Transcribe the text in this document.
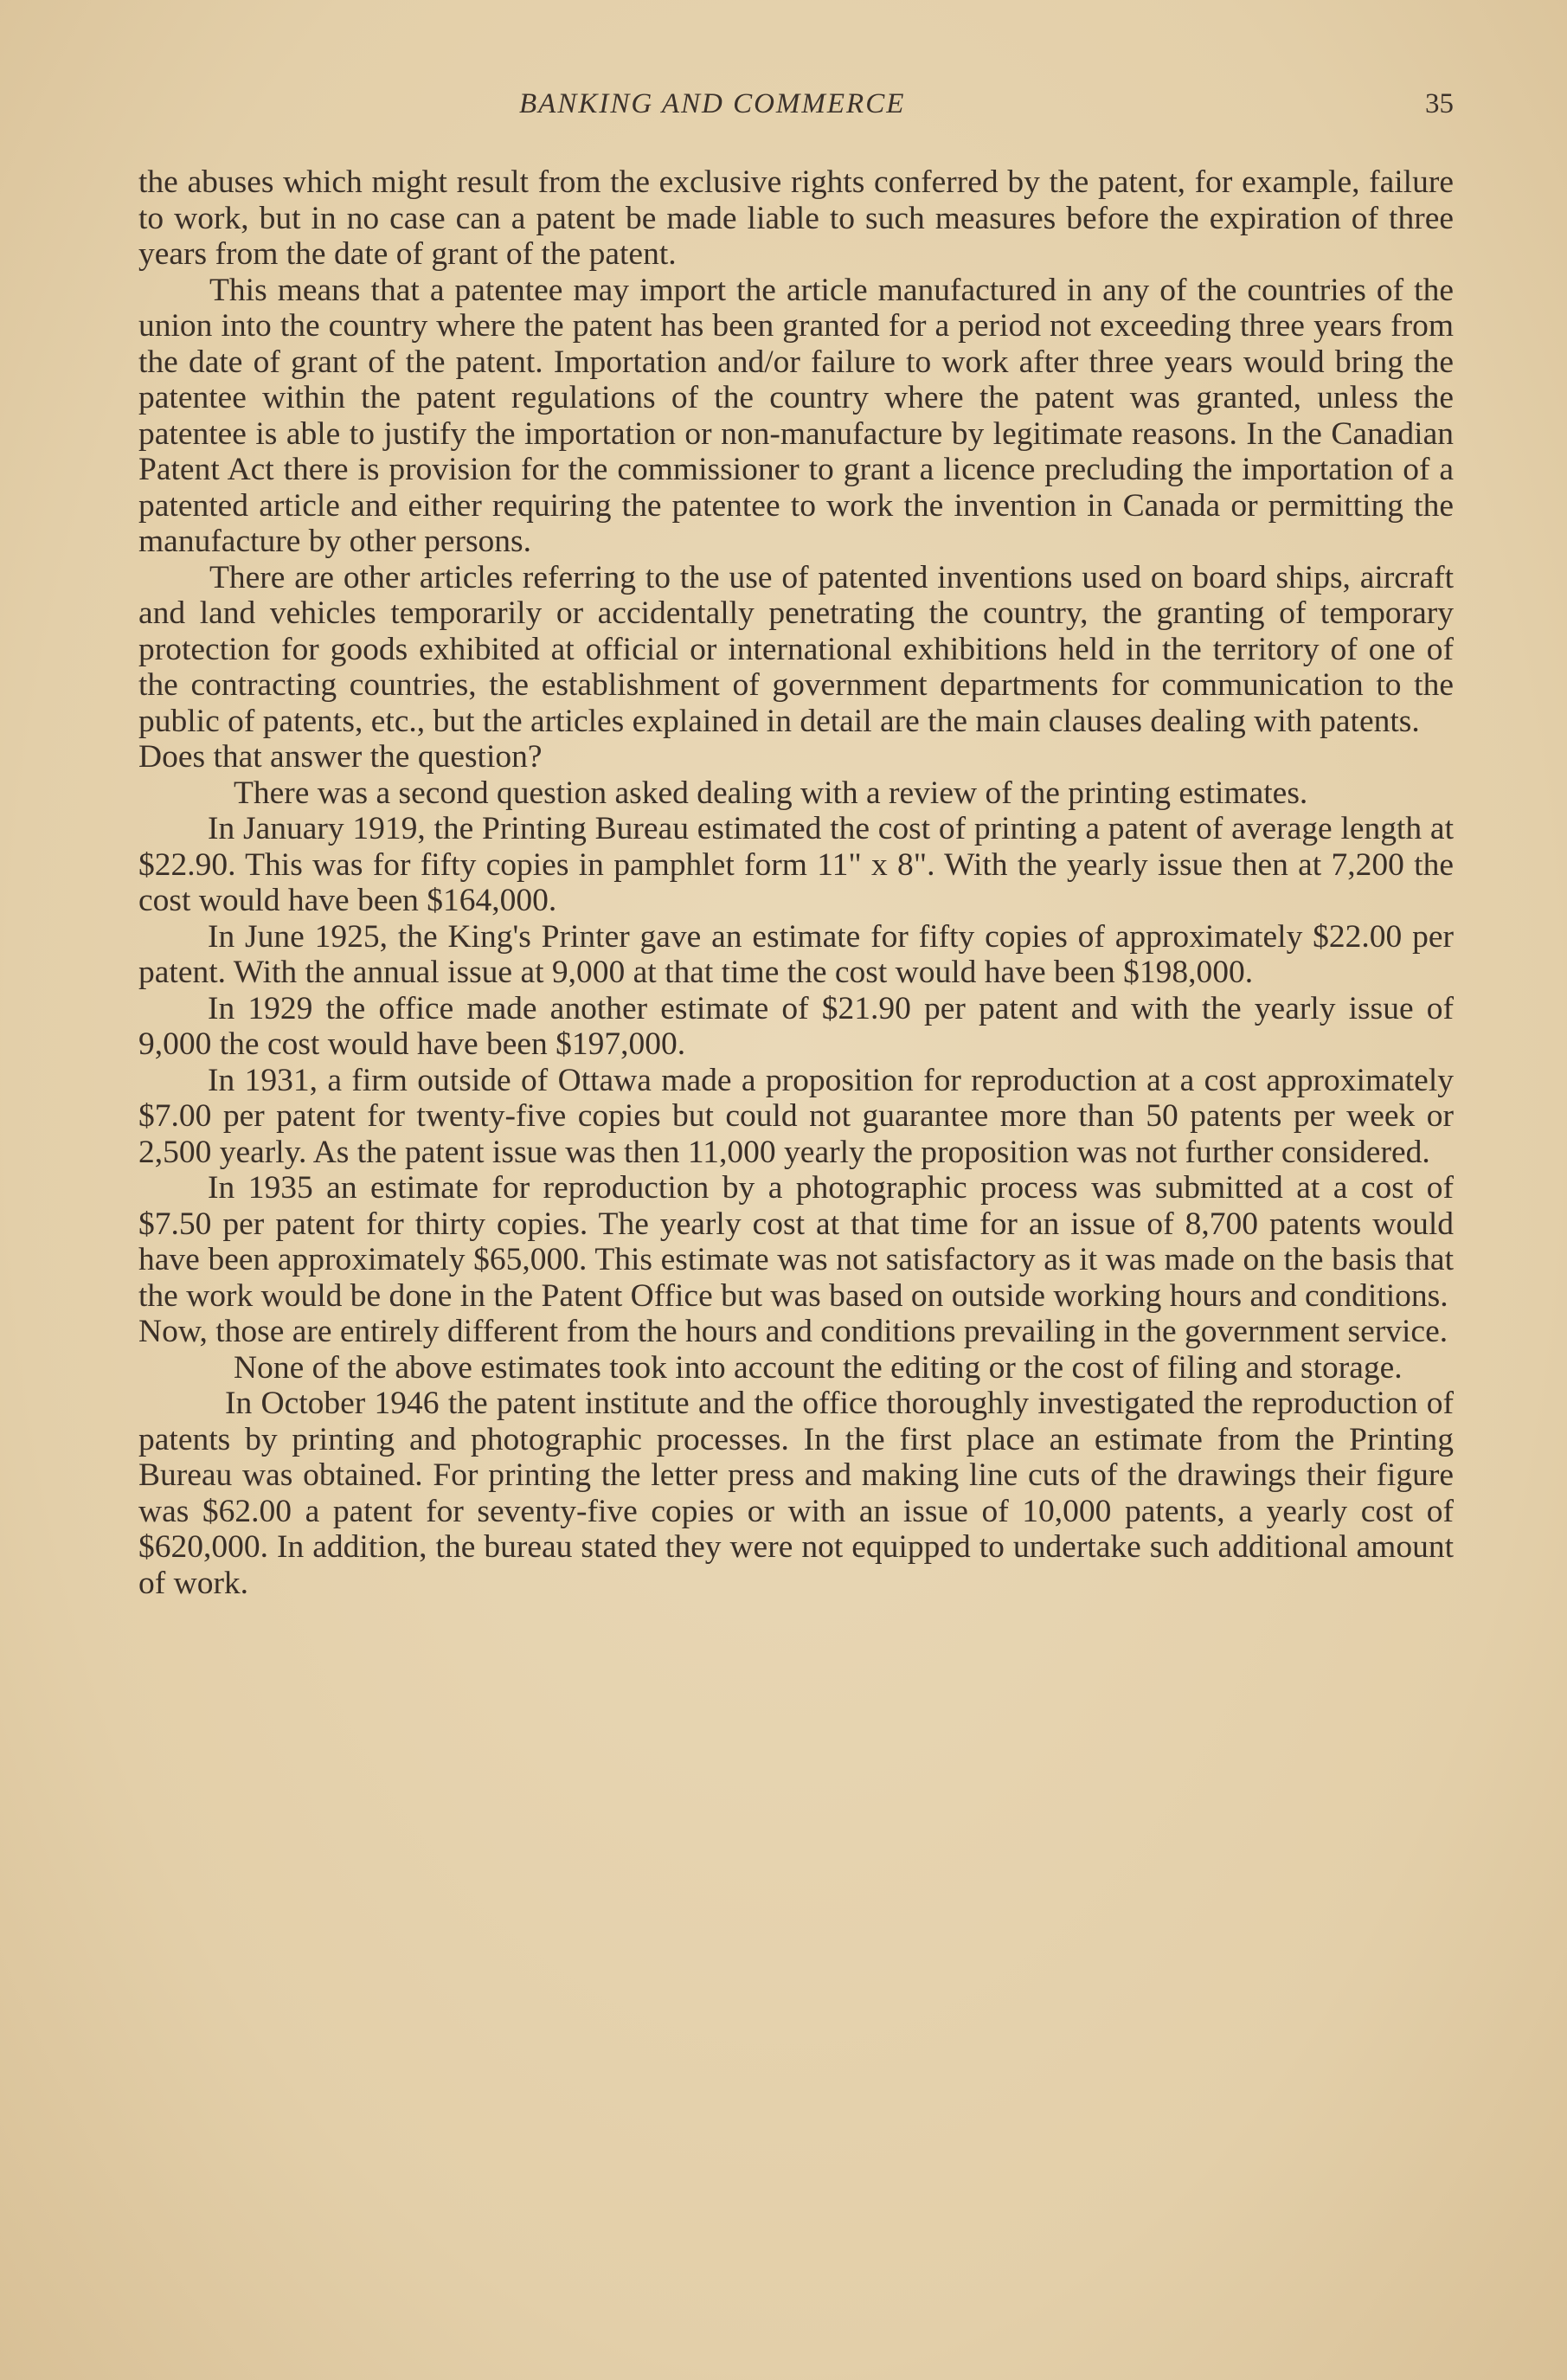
BANKING AND COMMERCE	35

the abuses which might result from the exclusive rights conferred by the patent, for example, failure to work, but in no case can a patent be made liable to such measures before the expiration of three years from the date of grant of the patent.

This means that a patentee may import the article manufactured in any of the countries of the union into the country where the patent has been granted for a period not exceeding three years from the date of grant of the patent. Importation and/or failure to work after three years would bring the patentee within the patent regulations of the country where the patent was granted, unless the patentee is able to justify the importation or non-manufacture by legitimate reasons. In the Canadian Patent Act there is provision for the commissioner to grant a licence precluding the importation of a patented article and either requiring the patentee to work the invention in Canada or permitting the manufacture by other persons.

There are other articles referring to the use of patented inventions used on board ships, aircraft and land vehicles temporarily or accidentally penetrating the country, the granting of temporary protection for goods exhibited at official or international exhibitions held in the territory of one of the contracting countries, the establishment of government departments for communication to the public of patents, etc., but the articles explained in detail are the main clauses dealing with patents.

Does that answer the question?

There was a second question asked dealing with a review of the printing estimates.

In January 1919, the Printing Bureau estimated the cost of printing a patent of average length at $22.90. This was for fifty copies in pamphlet form 11" x 8". With the yearly issue then at 7,200 the cost would have been $164,000.

In June 1925, the King's Printer gave an estimate for fifty copies of approximately $22.00 per patent. With the annual issue at 9,000 at that time the cost would have been $198,000.

In 1929 the office made another estimate of $21.90 per patent and with the yearly issue of 9,000 the cost would have been $197,000.

In 1931, a firm outside of Ottawa made a proposition for reproduction at a cost approximately $7.00 per patent for twenty-five copies but could not guarantee more than 50 patents per week or 2,500 yearly. As the patent issue was then 11,000 yearly the proposition was not further considered.

In 1935 an estimate for reproduction by a photographic process was submitted at a cost of $7.50 per patent for thirty copies. The yearly cost at that time for an issue of 8,700 patents would have been approximately $65,000. This estimate was not satisfactory as it was made on the basis that the work would be done in the Patent Office but was based on outside working hours and conditions.

Now, those are entirely different from the hours and conditions prevailing in the government service.

None of the above estimates took into account the editing or the cost of filing and storage.

In October 1946 the patent institute and the office thoroughly investigated the reproduction of patents by printing and photographic processes. In the first place an estimate from the Printing Bureau was obtained. For printing the letter press and making line cuts of the drawings their figure was $62.00 a patent for seventy-five copies or with an issue of 10,000 patents, a yearly cost of $620,000. In addition, the bureau stated they were not equipped to undertake such additional amount of work.
